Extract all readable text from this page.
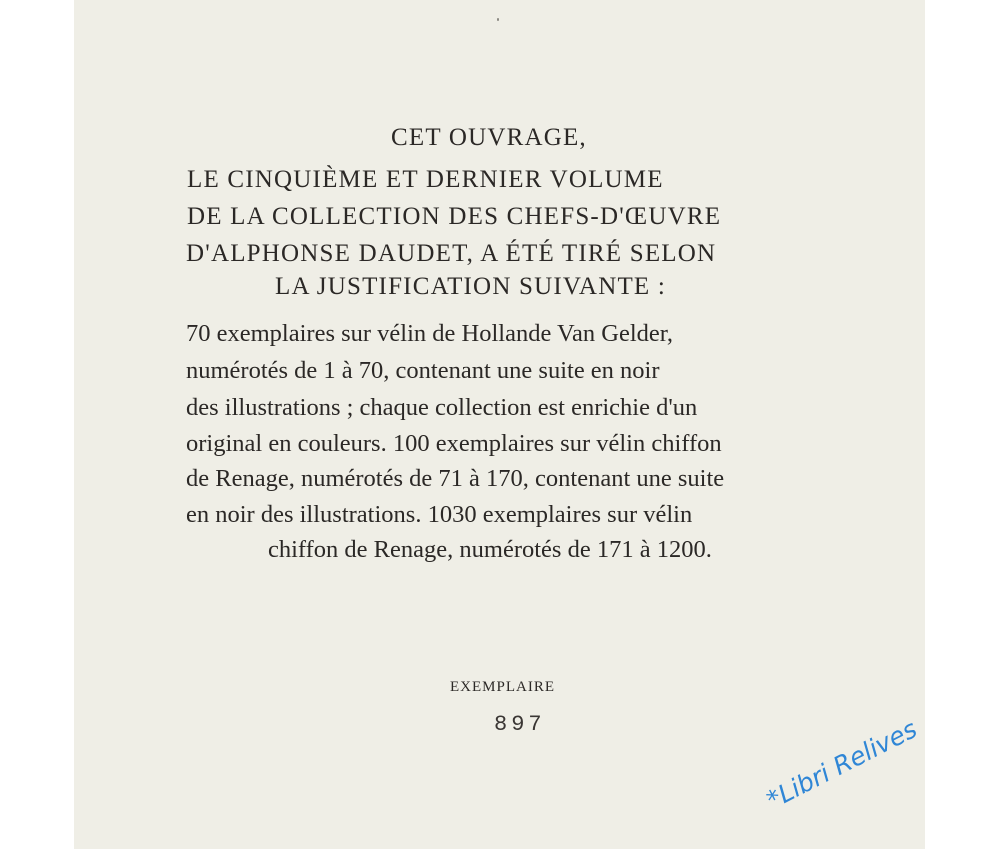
CET OUVRAGE,
LE CINQUIÈME ET DERNIER VOLUME
DE LA COLLECTION DES CHEFS-D'ŒUVRE
D'ALPHONSE DAUDET, A ÉTÉ TIRÉ SELON
LA JUSTIFICATION SUIVANTE :
70 exemplaires sur vélin de Hollande Van Gelder,
numérotés de 1 à 70, contenant une suite en noir
des illustrations ; chaque collection est enrichie d'un
original en couleurs. 100 exemplaires sur vélin chiffon
de Renage, numérotés de 71 à 170, contenant une suite
en noir des illustrations. 1030 exemplaires sur vélin
chiffon de Renage, numérotés de 171 à 1200.
EXEMPLAIRE
897	*Libri Relives
